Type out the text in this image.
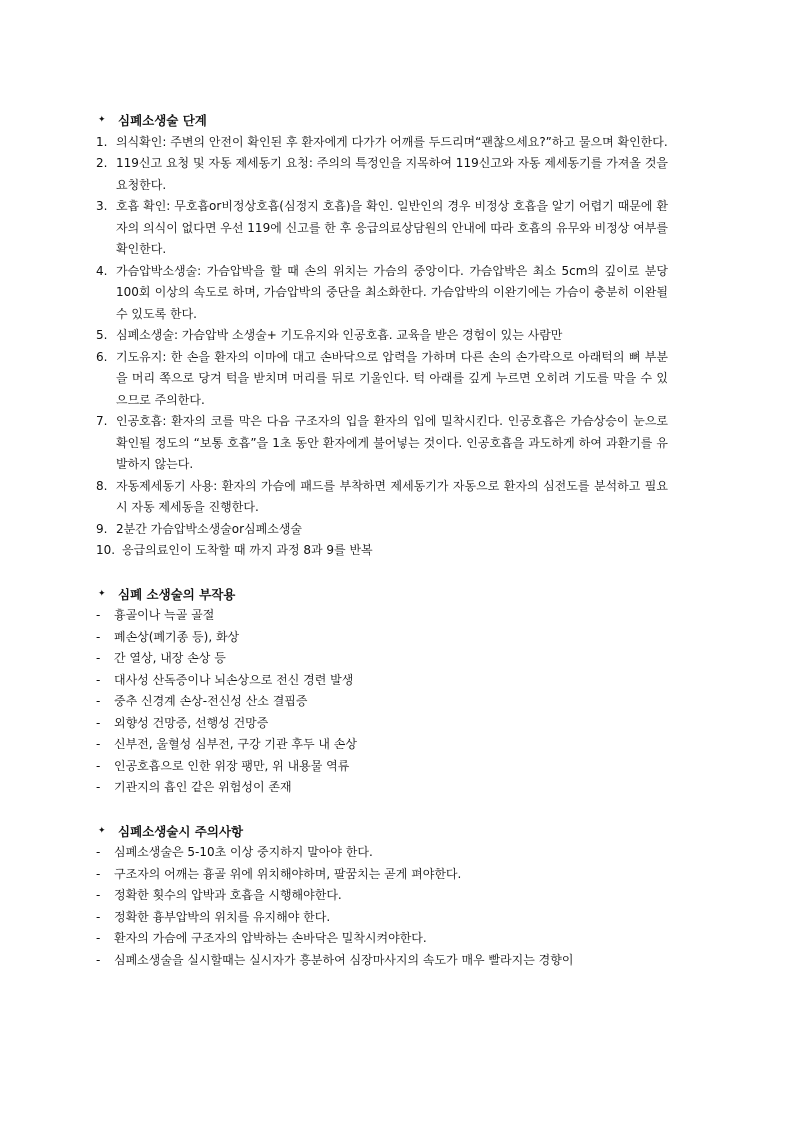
✦ 심폐소생술 단계
1. 의식확인: 주변의 안전이 확인된 후 환자에게 다가가 어깨를 두드리며“괜찮으세요?”하고 물으며 확인한다.
2. 119신고 요청 및 자동 제세동기 요청: 주의의 특정인을 지목하여 119신고와 자동 제세동기를 가져올 것을 요청한다.
3. 호흡 확인: 무호흡or비정상호흡(심정지 호흡)을 확인. 일반인의 경우 비정상 호흡을 알기 어렵기 때문에 환자의 의식이 없다면 우선 119에 신고를 한 후 응급의료상담원의 안내에 따라 호흡의 유무와 비정상 여부를 확인한다.
4. 가슴압박소생술: 가슴압박을 할 때 손의 위치는 가슴의 중앙이다. 가슴압박은 최소 5cm의 깊이로 분당 100회 이상의 속도로 하며, 가슴압박의 중단을 최소화한다. 가슴압박의 이완기에는 가슴이 충분히 이완될 수 있도록 한다.
5. 심폐소생술: 가슴압박 소생술+ 기도유지와 인공호흡. 교육을 받은 경험이 있는 사람만
6. 기도유지: 한 손을 환자의 이마에 대고 손바닥으로 압력을 가하며 다른 손의 손가락으로 아래턱의 뼈 부분을 머리 쪽으로 당겨 턱을 받치며 머리를 뒤로 기울인다. 턱 아래를 깊게 누르면 오히려 기도를 막을 수 있으므로 주의한다.
7. 인공호흡: 환자의 코를 막은 다음 구조자의 입을 환자의 입에 밀착시킨다. 인공호흡은 가슴상승이 눈으로 확인될 정도의 “보통 호흡”을 1초 동안 환자에게 불어넣는 것이다. 인공호흡을 과도하게 하여 과환기를 유발하지 않는다.
8. 자동제세동기 사용: 환자의 가슴에 패드를 부착하면 제세동기가 자동으로 환자의 심전도를 분석하고 필요시 자동 제세동을 진행한다.
9. 2분간 가슴압박소생술or심폐소생술
10. 응급의료인이 도착할 때 까지 과정 8과 9를 반복
✦ 심폐 소생술의 부작용
-	흉골이나 늑골 골절
-	폐손상(폐기종 등), 화상
-	간 열상, 내장 손상 등
-	대사성 산독증이나 뇌손상으로 전신 경련 발생
-	중추 신경계 손상-전신성 산소 결핍증
-	외향성 건망증, 선행성 건망증
-	신부전, 울혈성 심부전, 구강 기관 후두 내 손상
-	인공호흡으로 인한 위장 팽만, 위 내용물 역류
-	기관지의 흡인 같은 위험성이 존재
✦ 심폐소생술시 주의사항
-	심폐소생술은 5-10초 이상 중지하지 말아야 한다.
-	구조자의 어깨는 흉골 위에 위치해야하며, 팔꿈치는 곧게 펴야한다.
-	정확한 횟수의 압박과 호흡을 시행해야한다.
-	정확한 흉부압박의 위치를 유지해야 한다.
-	환자의 가슴에 구조자의 압박하는 손바닥은 밀착시켜야한다.
-	심폐소생술을 실시할때는 실시자가 흥분하여 심장마사지의 속도가 매우 빨라지는 경향이
